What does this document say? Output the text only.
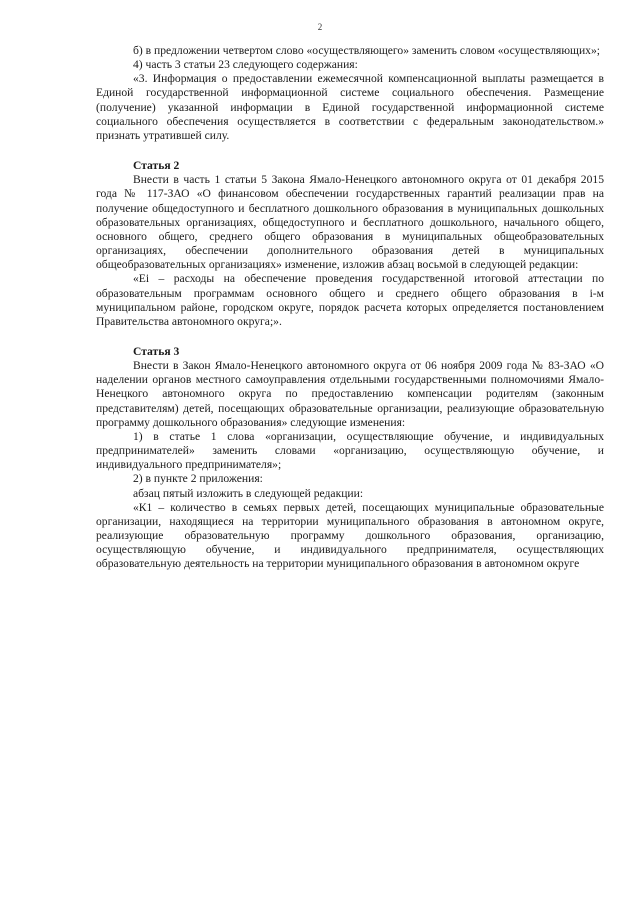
2

б) в предложении четвертом слово «осуществляющего» заменить словом «осуществляющих»;

4) часть 3 статьи 23 следующего содержания:

«3. Информация о предоставлении ежемесячной компенсационной выплаты размещается в Единой государственной информационной системе социального обеспечения. Размещение (получение) указанной информации в Единой государственной информационной системе социального обеспечения осуществляется в соответствии с федеральным законодательством.» признать утратившей силу.

Статья 2

Внести в часть 1 статьи 5 Закона Ямало-Ненецкого автономного округа от 01 декабря 2015 года № 117-ЗАО «О финансовом обеспечении государственных гарантий реализации прав на получение общедоступного и бесплатного дошкольного образования в муниципальных дошкольных образовательных организациях, общедоступного и бесплатного дошкольного, начального общего, основного общего, среднего общего образования в муниципальных общеобразовательных организациях, обеспечении дополнительного образования детей в муниципальных общеобразовательных организациях» изменение, изложив абзац восьмой в следующей редакции:

«Ei – расходы на обеспечение проведения государственной итоговой аттестации по образовательным программам основного общего и среднего общего образования в i-м муниципальном районе, городском округе, порядок расчета которых определяется постановлением Правительства автономного округа;».

Статья 3

Внести в Закон Ямало-Ненецкого автономного округа от 06 ноября 2009 года № 83-ЗАО «О наделении органов местного самоуправления отдельными государственными полномочиями Ямало-Ненецкого автономного округа по предоставлению компенсации родителям (законным представителям) детей, посещающих образовательные организации, реализующие образовательную программу дошкольного образования» следующие изменения:

1) в статье 1 слова «организации, осуществляющие обучение, и индивидуальных предпринимателей» заменить словами «организацию, осуществляющую обучение, и индивидуального предпринимателя»;

2) в пункте 2 приложения:

абзац пятый изложить в следующей редакции:

«К1 – количество в семьях первых детей, посещающих муниципальные образовательные организации, находящиеся на территории муниципального образования в автономном округе, реализующие образовательную программу дошкольного образования, организацию, осуществляющую обучение, и индивидуального предпринимателя, осуществляющих образовательную деятельность на территории муниципального образования в автономном округе
